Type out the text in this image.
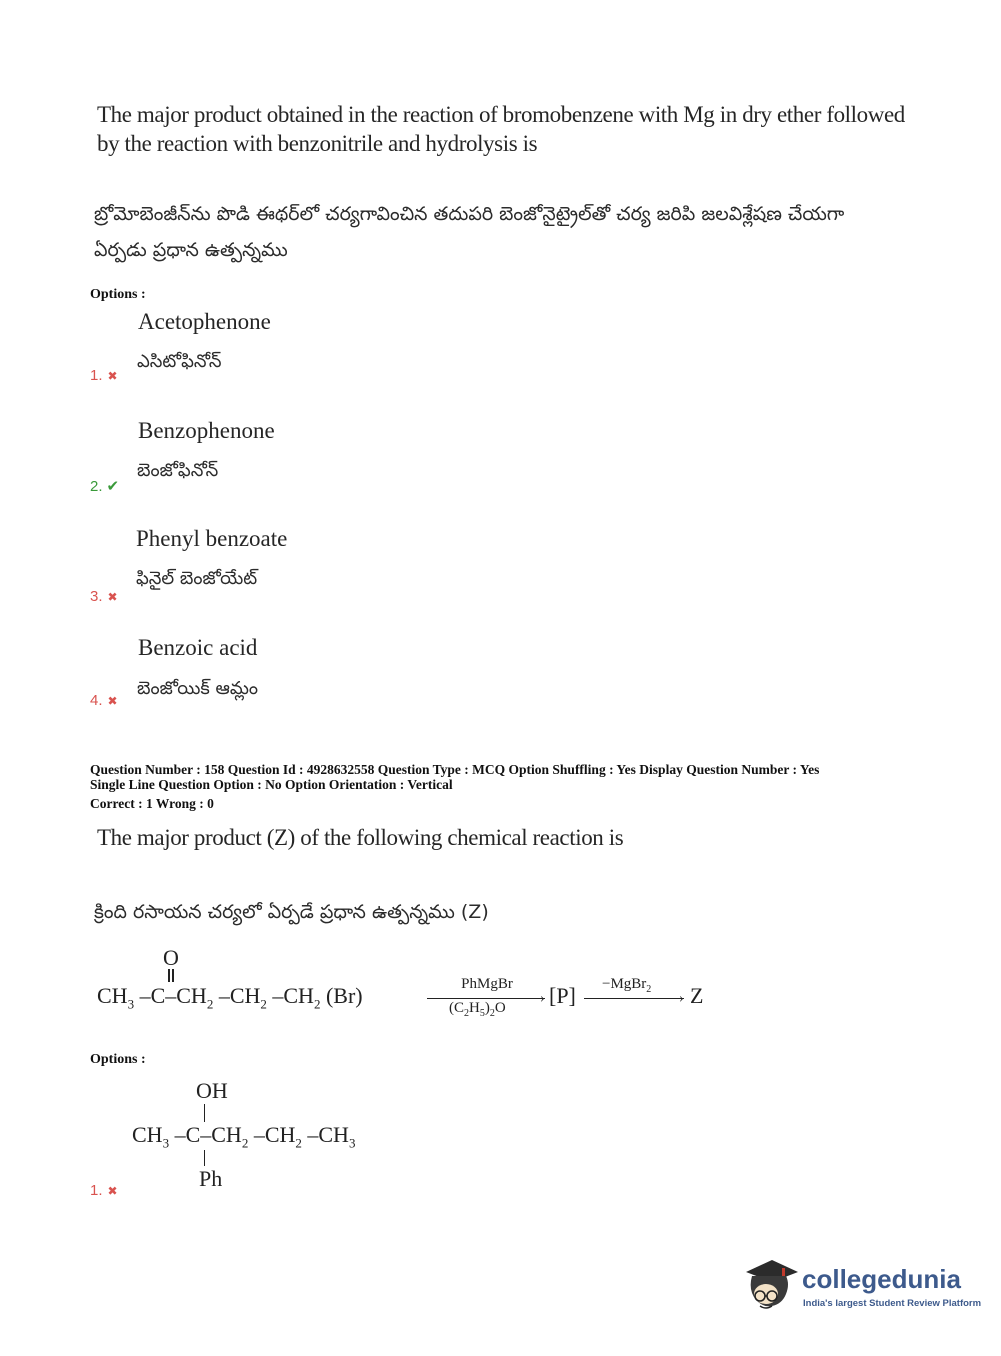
The major product obtained in the reaction of bromobenzene with Mg in dry ether followed
by the reaction with benzonitrile and hydrolysis is
బ్రోమోబెంజీన్‌ను పొడి ఈథర్‌లో చర్యగావించిన తదుపరి బెంజోనైట్రైల్‌తో చర్య జరిపి జలవిశ్లేషణ చేయగా
ఏర్పడు ప్రధాన ఉత్పన్నము
Options :
Acetophenone
ఎసిటోఫినోన్
1. ✖
Benzophenone
బెంజోఫినోన్
2. ✔
Phenyl benzoate
ఫినైల్ బెంజోయేట్
3. ✖
Benzoic acid
బెంజోయిక్ ఆమ్లం
4. ✖
Question Number : 158 Question Id : 4928632558 Question Type : MCQ Option Shuffling : Yes Display Question Number : Yes
Single Line Question Option : No Option Orientation : Vertical
Correct : 1 Wrong : 0
The major product (Z) of the following chemical reaction is
క్రింది రసాయన చర్యలో ఏర్పడే ప్రధాన ఉత్పన్నము (Z)
O
$CH_3$ $-C-CH_2$ $-CH_2$ $-CH_2$ (Br)	PhMgBr
›
$(C_2H_5)_2O$ [P] −MgBr$_2$
› Z
Options :
OH
$CH_3$ $-C-CH_2$ $-CH_2$ $-CH_3$
Ph
1. ✖
collegedunia
India's largest Student Review Platform
